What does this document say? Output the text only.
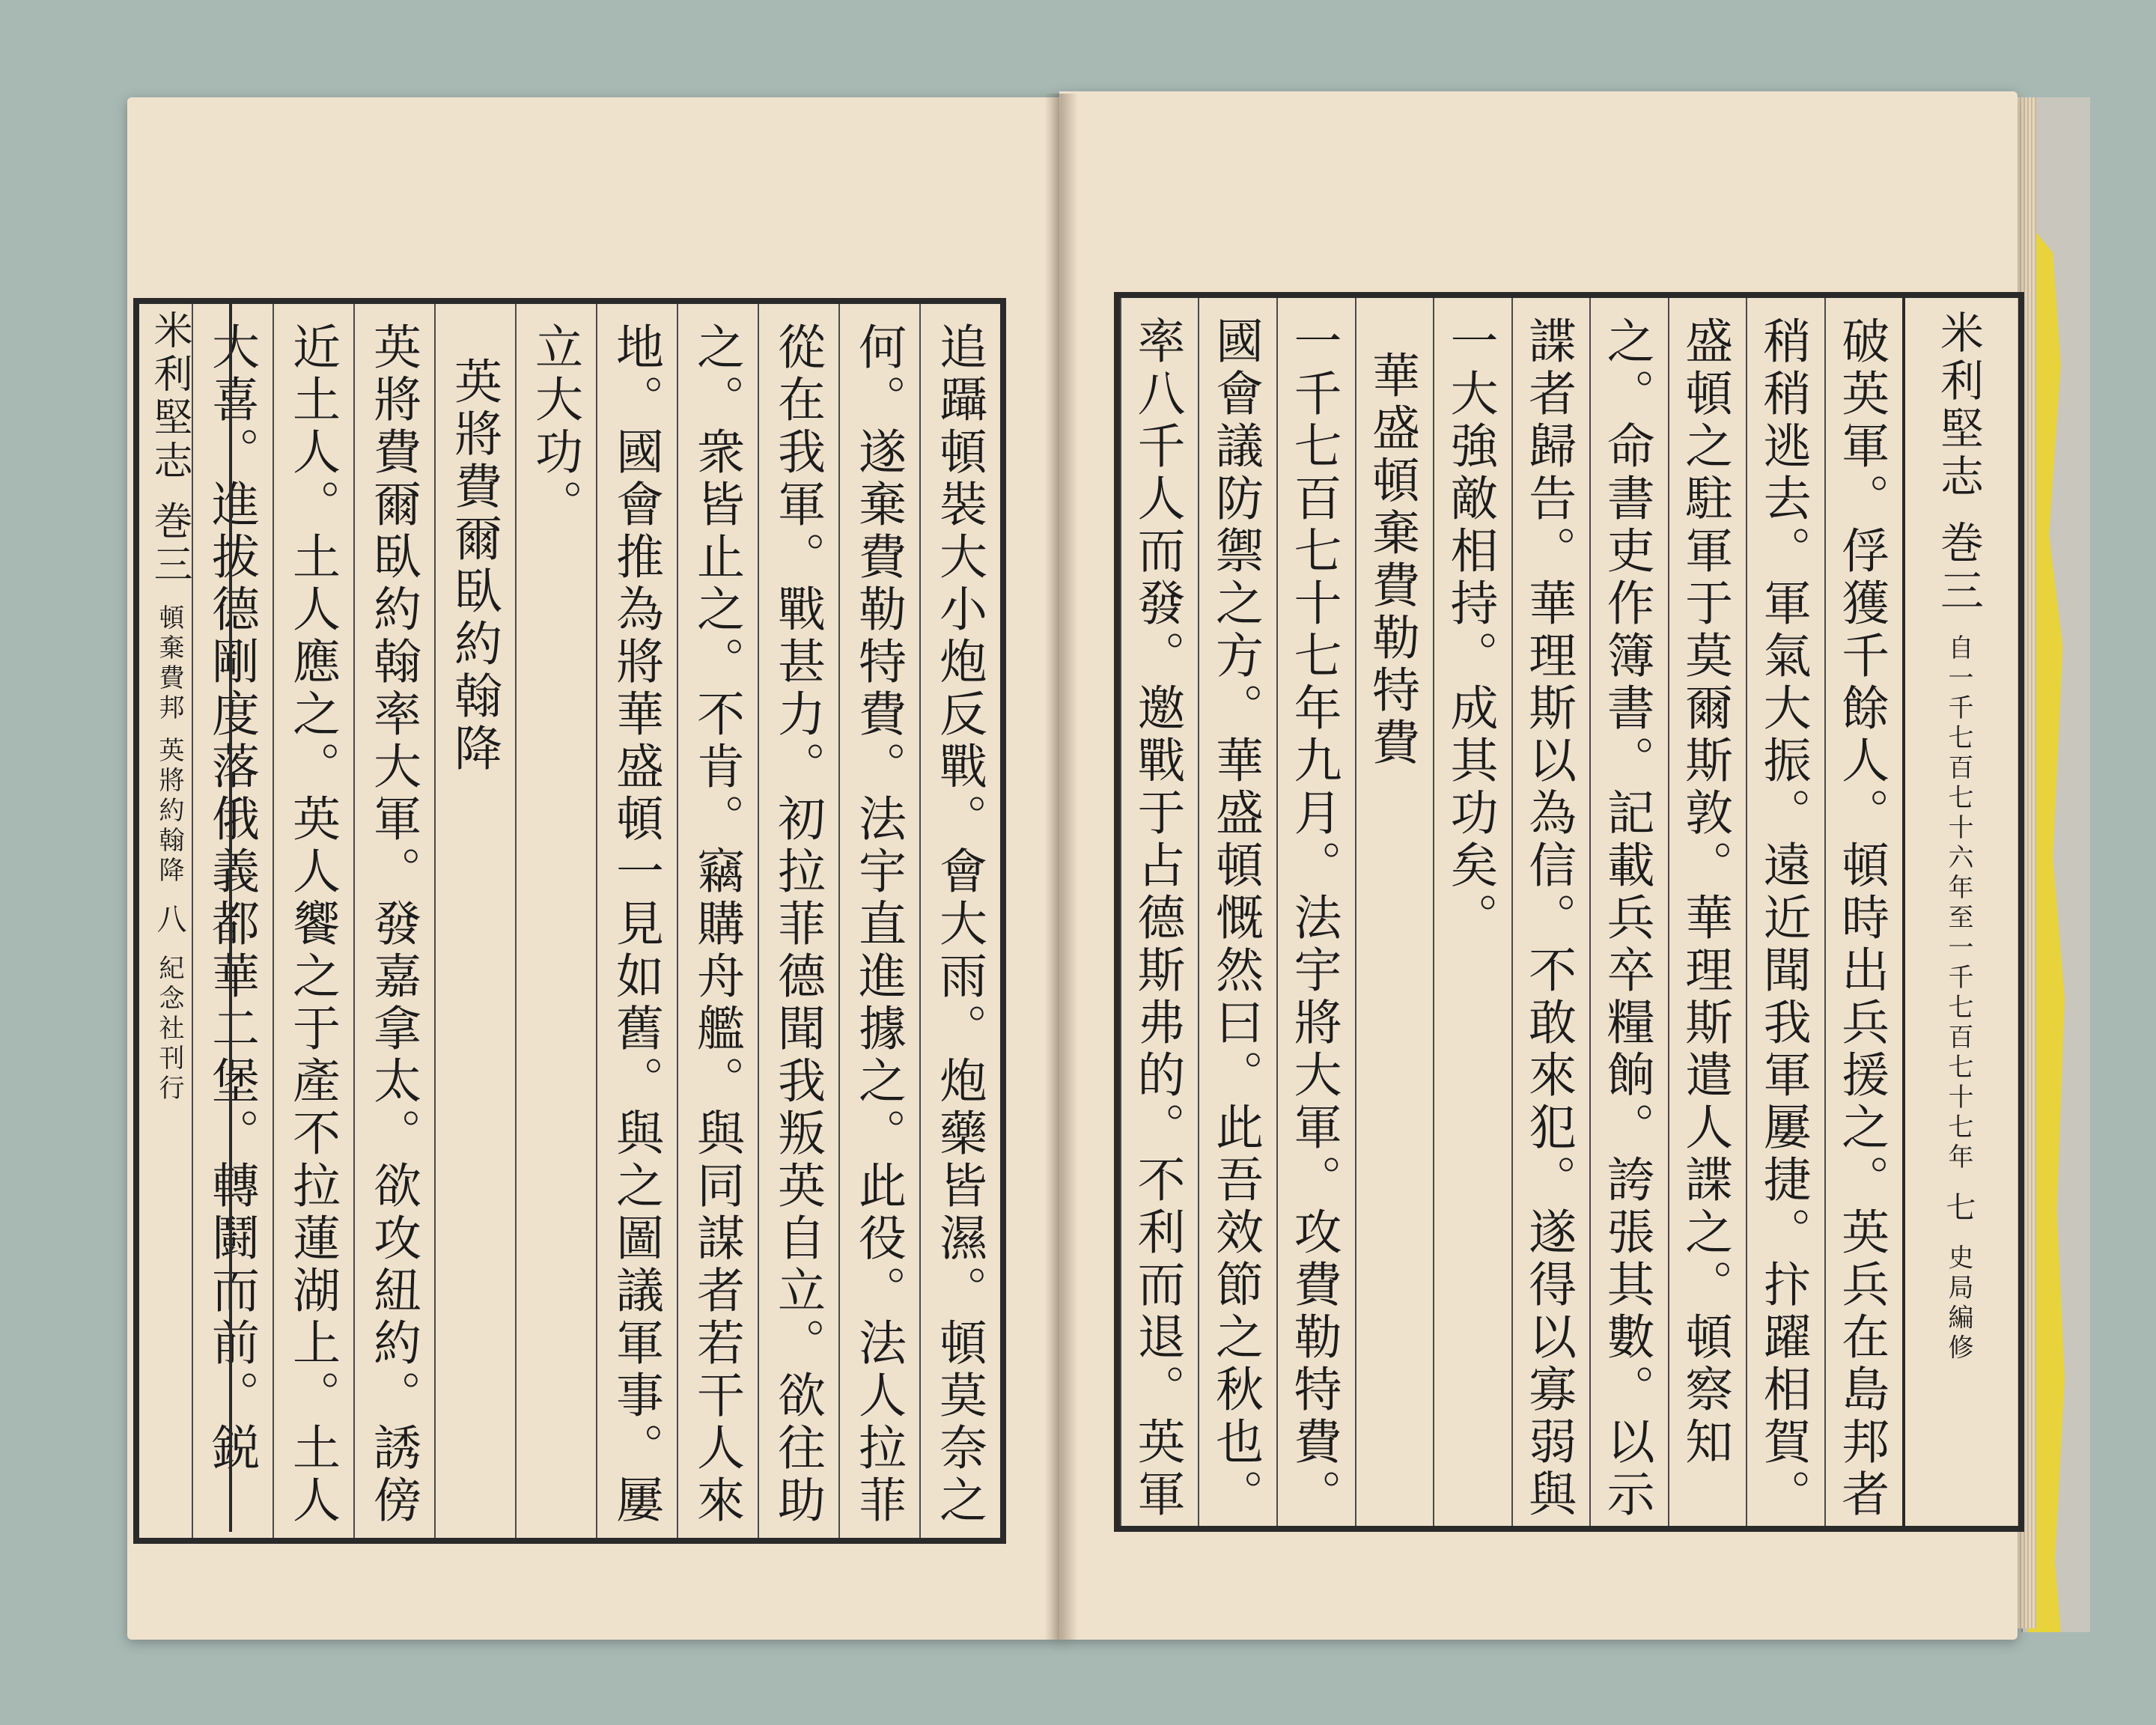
米利堅志 巻三 自一千七百七十六年至一千七百七十七年 七 史局編修
破英軍。俘獲千餘人。頓時出兵援之。英兵在島邦者
稍稍逃去。軍氣大振。遠近聞我軍屢捷。抃躍相賀。
盛頓之駐軍于莫爾斯敦。華理斯遣人諜之。頓察知
之。命書吏作簿書。記載兵卒糧餉。誇張其數。以示
諜者歸告。華理斯以為信。不敢來犯。遂得以寡弱與
一大強敵相持。成其功矣。
華盛頓棄費勒特費
一千七百七十七年九月。法宇將大軍。攻費勒特費。
國會議防禦之方。華盛頓慨然曰。此吾效節之秋也。
率八千人而發。邀戰于占德斯弗的。不利而退。英軍
追躡頓裝大小炮反戰。會大雨。炮藥皆濕。頓莫奈之
何。遂棄費勒特費。法宇直進據之。此役。法人拉菲
從在我軍。戰甚力。初拉菲德聞我叛英自立。欲往助
之。衆皆止之。不肯。竊購舟艦。與同謀者若干人來
地。國會推為將華盛頓一見如舊。與之圖議軍事。屢
立大功。
英將費爾臥約翰降
英將費爾臥約翰率大軍。發嘉拿太。欲攻紐約。誘傍
近土人。土人應之。英人饗之于產不拉蓮湖上。土人
大喜。進拔德剛度落俄義都華二堡。轉鬪而前。鋭
米利堅志 巻三 頓棄費邦 英將約翰降 八 紀念社刊行
